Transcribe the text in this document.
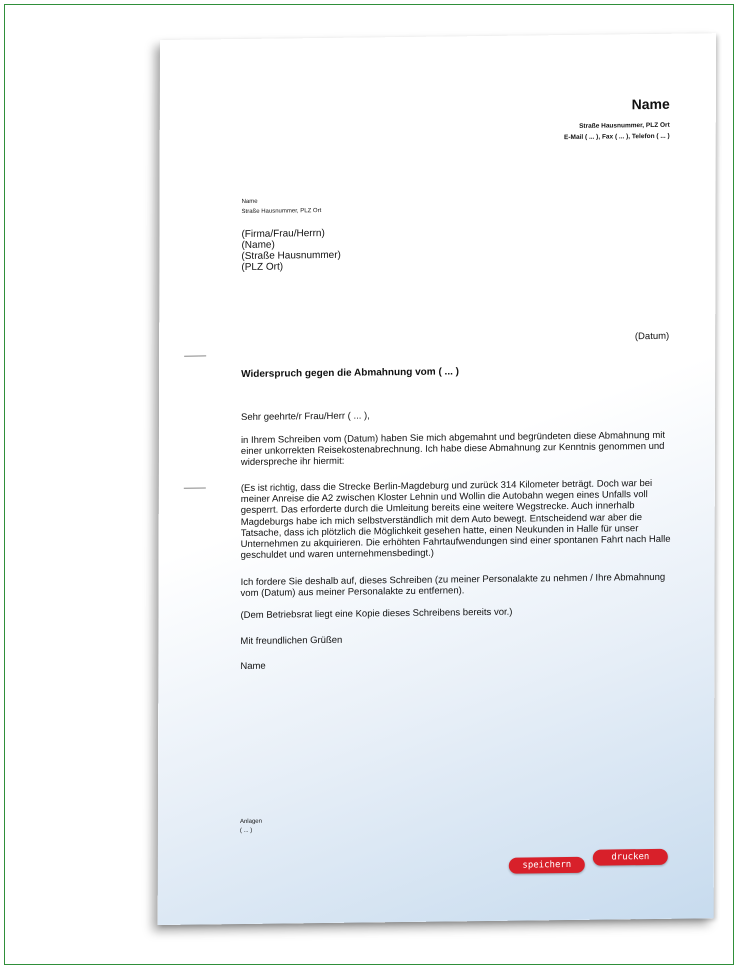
Name
Straße Hausnummer, PLZ Ort
E-Mail ( ... ), Fax ( ... ), Telefon ( ... )
Name
Straße Hausnummer, PLZ Ort
(Firma/Frau/Herrn)
(Name)
(Straße Hausnummer)
(PLZ Ort)
(Datum)
Widerspruch gegen die Abmahnung vom ( ... )
Sehr geehrte/r Frau/Herr ( ... ),
in Ihrem Schreiben vom (Datum) haben Sie mich abgemahnt und begründeten diese Abmahnung mit einer unkorrekten Reisekostenabrechnung. Ich habe diese Abmahnung zur Kenntnis genommen und widerspreche ihr hiermit:
(Es ist richtig, dass die Strecke Berlin-Magdeburg und zurück 314 Kilometer beträgt. Doch war bei meiner Anreise die A2 zwischen Kloster Lehnin und Wollin die Autobahn wegen eines Unfalls voll gesperrt. Das erforderte durch die Umleitung bereits eine weitere Wegstrecke. Auch innerhalb Magdeburgs habe ich mich selbstverständlich mit dem Auto bewegt. Entscheidend war aber die Tatsache, dass ich plötzlich die Möglichkeit gesehen hatte, einen Neukunden in Halle für unser Unternehmen zu akquirieren. Die erhöhten Fahrtaufwendungen sind einer spontanen Fahrt nach Halle geschuldet und waren unternehmensbedingt.)
Ich fordere Sie deshalb auf, dieses Schreiben (zu meiner Personalakte zu nehmen / Ihre Abmahnung vom (Datum) aus meiner Personalakte zu entfernen).
(Dem Betriebsrat liegt eine Kopie dieses Schreibens bereits vor.)
Mit freundlichen Grüßen
Name
Anlagen
( ... )
speichern
drucken
